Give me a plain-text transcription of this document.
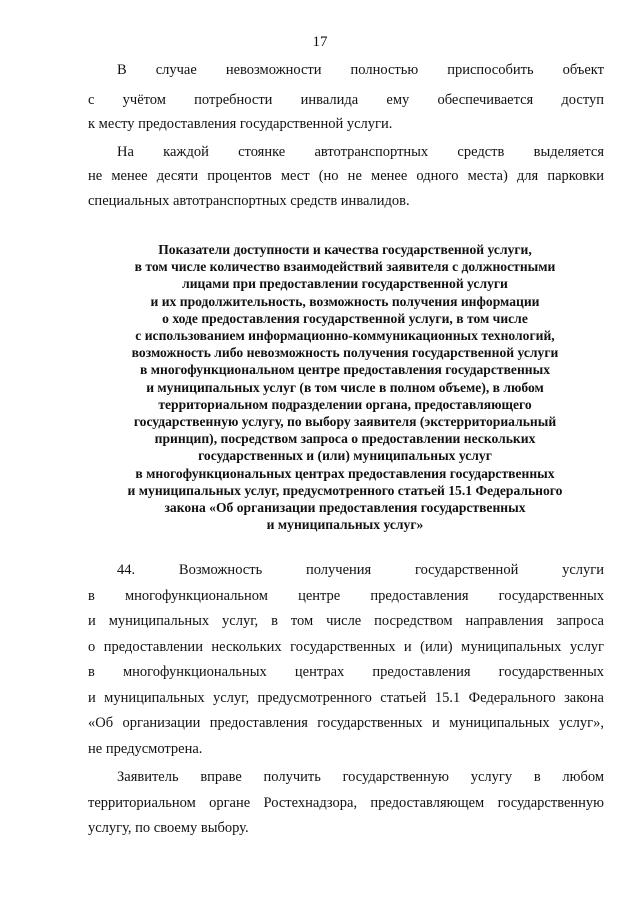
17
В случае невозможности полностью приспособить объект
с учётом потребности инвалида ему обеспечивается доступ
к месту предоставления государственной услуги.
На каждой стоянке автотранспортных средств выделяется
не менее десяти процентов мест (но не менее одного места) для парковки
специальных автотранспортных средств инвалидов.
Показатели доступности и качества государственной услуги,
в том числе количество взаимодействий заявителя с должностными
лицами при предоставлении государственной услуги
и их продолжительность, возможность получения информации
о ходе предоставления государственной услуги, в том числе
с использованием информационно-коммуникационных технологий,
возможность либо невозможность получения государственной услуги
в многофункциональном центре предоставления государственных
и муниципальных услуг (в том числе в полном объеме), в любом
территориальном подразделении органа, предоставляющего
государственную услугу, по выбору заявителя (экстерриториальный
принцип), посредством запроса о предоставлении нескольких
государственных и (или) муниципальных услуг
в многофункциональных центрах предоставления государственных
и муниципальных услуг, предусмотренного статьей 15.1 Федерального
закона «Об организации предоставления государственных
и муниципальных услуг»
44. Возможность получения государственной услуги
в многофункциональном центре предоставления государственных
и муниципальных услуг, в том числе посредством направления запроса
о предоставлении нескольких государственных и (или) муниципальных услуг
в многофункциональных центрах предоставления государственных
и муниципальных услуг, предусмотренного статьей 15.1 Федерального закона
«Об организации предоставления государственных и муниципальных услуг»,
не предусмотрена.
Заявитель вправе получить государственную услугу в любом
территориальном органе Ростехнадзора, предоставляющем государственную
услугу, по своему выбору.
